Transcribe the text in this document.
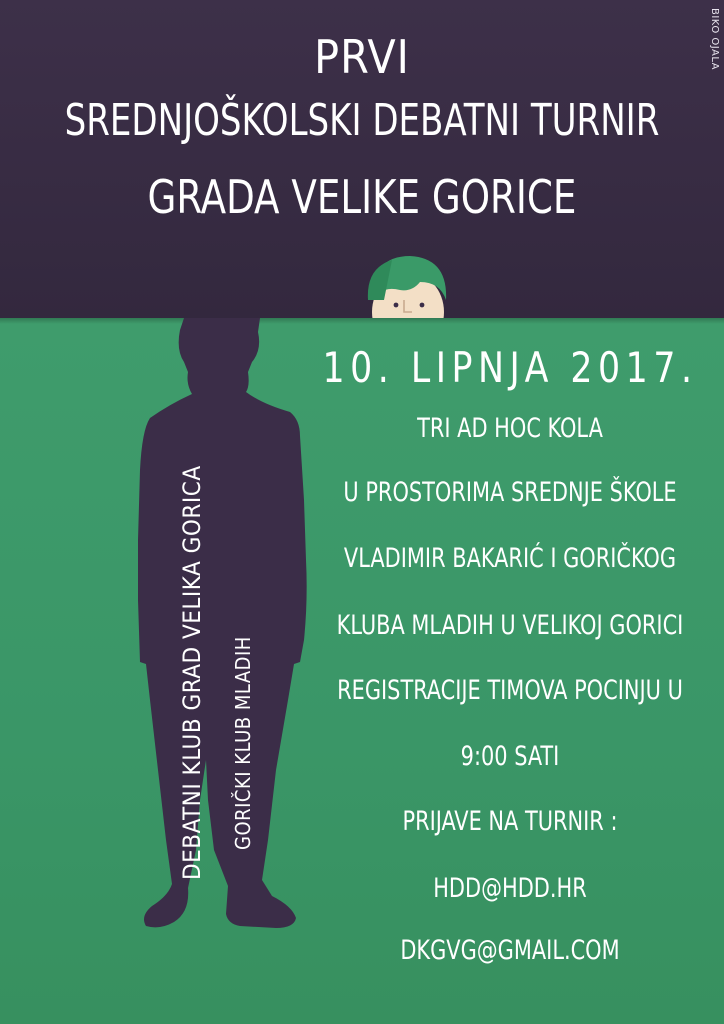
BIKO OJALA
PRVI
SREDNJOŠKOLSKI DEBATNI TURNIR
GRADA VELIKE GORICE
DEBATNI KLUB GRAD VELIKA GORICA GORIČKI KLUB MLADIH
10. LIPNJA 2017.
TRI AD HOC KOLA
U PROSTORIMA SREDNJE ŠKOLE
VLADIMIR BAKARIĆ I GORIČKOG
KLUBA MLADIH U VELIKOJ GORICI
REGISTRACIJE TIMOVA POCINJU U
9:00 SATI
PRIJAVE NA TURNIR :
HDD@HDD.HR
DKGVG@GMAIL.COM
